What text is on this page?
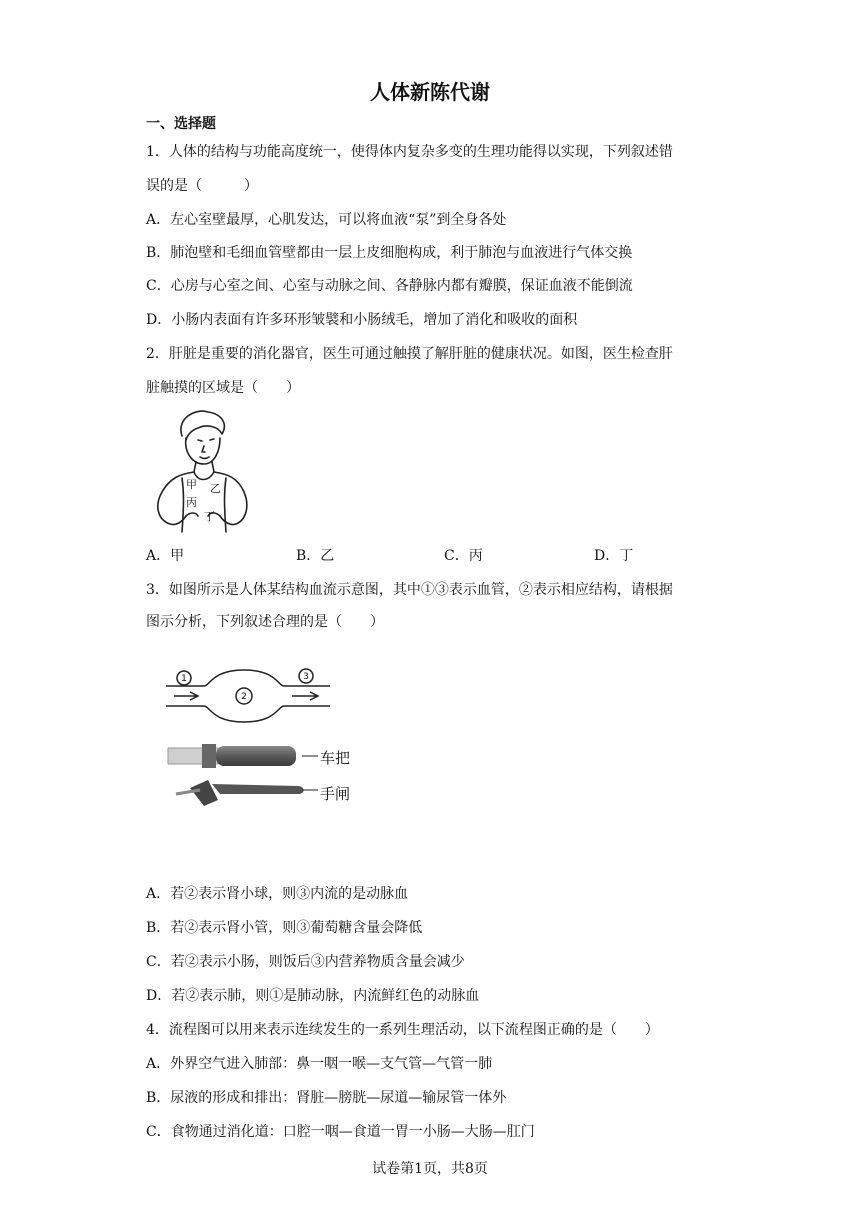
人体新陈代谢
一、选择题
1．人体的结构与功能高度统一，使得体内复杂多变的生理功能得以实现，下列叙述错
误的是（　　　）
A．左心室壁最厚，心肌发达，可以将血液“泵”到全身各处
B．肺泡壁和毛细血管壁都由一层上皮细胞构成，利于肺泡与血液进行气体交换
C．心房与心室之间、心室与动脉之间、各静脉内都有瓣膜，保证血液不能倒流
D．小肠内表面有许多环形皱襞和小肠绒毛，增加了消化和吸收的面积
2．肝脏是重要的消化器官，医生可通过触摸了解肝脏的健康状况。如图，医生检查肝
脏触摸的区域是（　　）
甲 乙
丙
丁
A．甲	B．乙	C．丙	D．丁
3．如图所示是人体某结构血流示意图，其中①③表示血管，②表示相应结构，请根据
图示分析，下列叙述合理的是（　　）
1
2
3
车把
手闸
A．若②表示肾小球，则③内流的是动脉血
B．若②表示肾小管，则③葡萄糖含量会降低
C．若②表示小肠，则饭后③内营养物质含量会减少
D．若②表示肺，则①是肺动脉，内流鲜红色的动脉血
4．流程图可以用来表示连续发生的一系列生理活动，以下流程图正确的是（　　）
A．外界空气进入肺部：鼻一咽一喉—支气管—气管一肺
B．尿液的形成和排出：肾脏—膀胱—尿道—输尿管一体外
C．食物通过消化道：口腔一咽—食道一胃一小肠—大肠—肛门
试卷第1页，共8页
